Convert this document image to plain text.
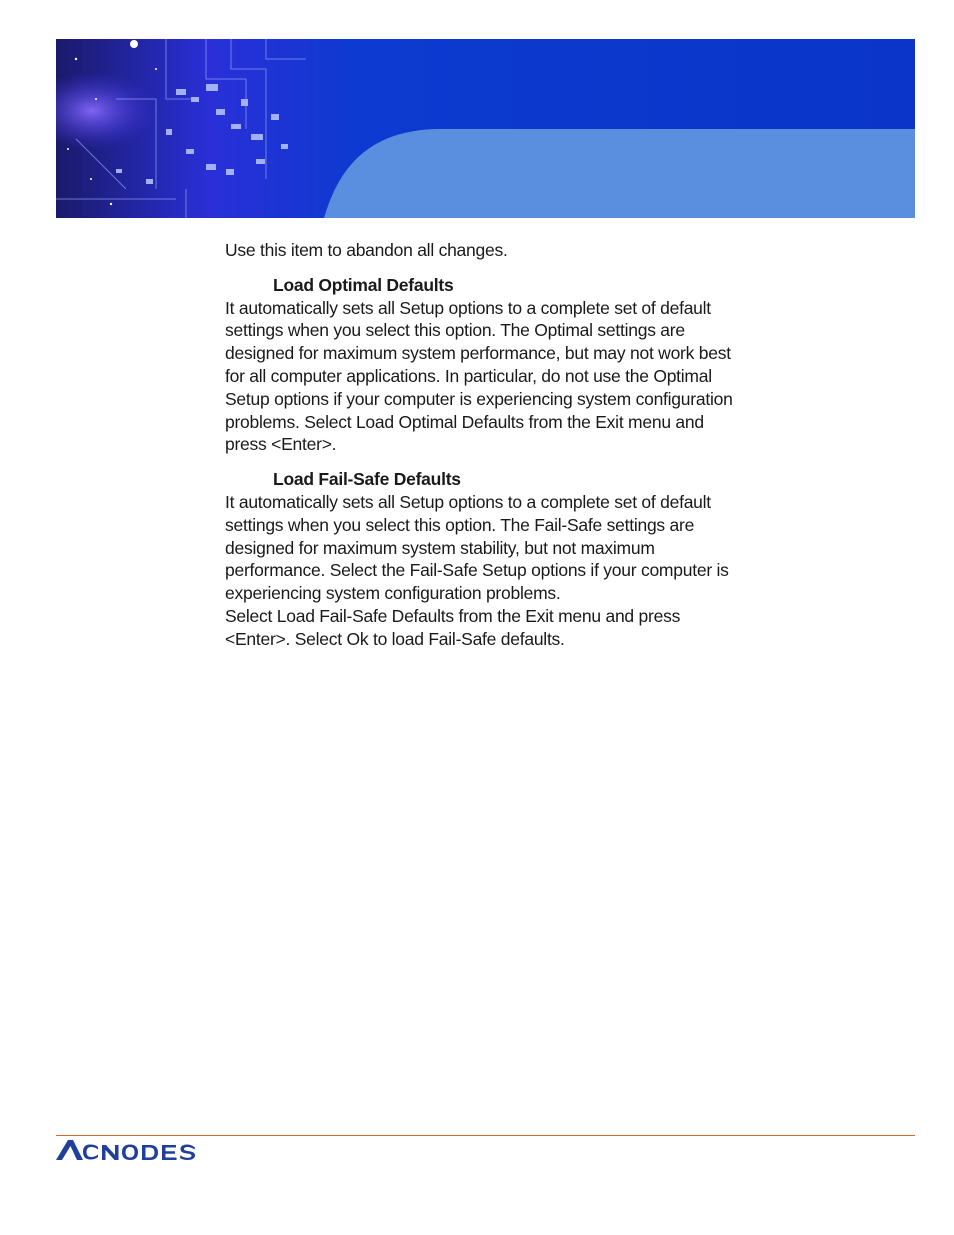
Use this item to abandon all changes.

Load Optimal Defaults

It automatically sets all Setup options to a complete set of default settings when you select this option. The Optimal settings are designed for maximum system performance, but may not work best for all computer applications. In particular, do not use the Optimal Setup options if your computer is experiencing system configuration problems. Select Load Optimal Defaults from the Exit menu and press <Enter>.

Load Fail-Safe Defaults

It automatically sets all Setup options to a complete set of default settings when you select this option. The Fail-Safe settings are designed for maximum system stability, but not maximum performance. Select the Fail-Safe Setup options if your computer is experiencing system configuration problems.

Select Load Fail-Safe Defaults from the Exit menu and press <Enter>. Select Ok to load Fail-Safe defaults.
